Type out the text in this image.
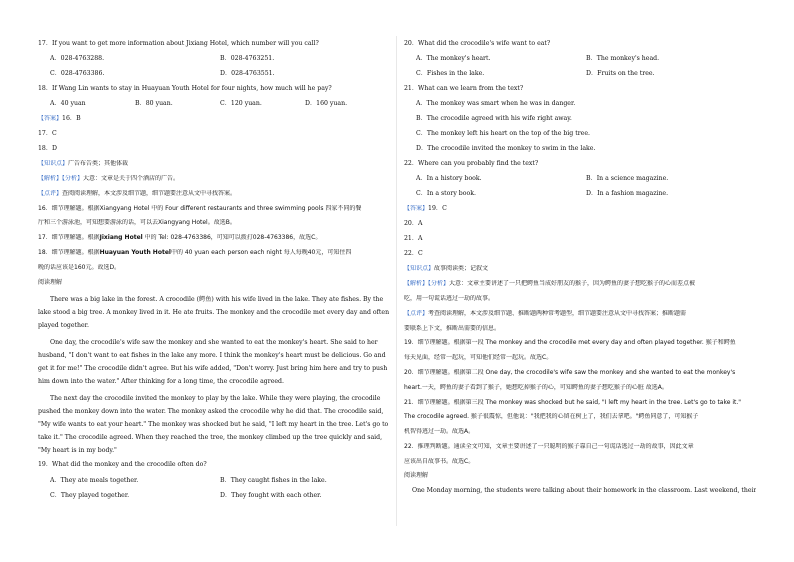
17．If you want to get more information about Jixiang Hotel, which number will you call?
A．028-4763288.	B．028-4763251.
C．028-4763386.	D．028-4763551.
18．If Wang Lin wants to stay in Huayuan Youth Hotel for four nights, how much will he pay?
A．40 yuan	B．80 yuan.	C．120 yuan.	D．160 yuan.
【答案】16．B
17．C
18．D
【知识点】广告布告类；其他体裁
【解析】【分析】大意：文章是关于四个酒店的广告。
【点评】查阅阅读理解，本文涉及细节题，细节题要注意从文中寻找答案。
16．细节理解题。根据Xiangyang Hotel 中的 Four different restaurants and three swimming pools 四家不同的餐
厅和三个游泳池，可知想要游泳的话，可以去Xiangyang Hotel。故选B。
17．细节理解题。根据Jixiang Hotel 中的 Tel: 028-4763386，可知可以拨打028-4763386，故选C。
18．细节理解题。根据Huayuan Youth Hotel中的 40 yuan each person each night 每人每晚40元，可知住四
晚的话应该是160元。故选D。
阅读理解
There was a big lake in the forest. A crocodile (鳄鱼) with his wife lived in the lake. They ate fishes. By the lake stood a big tree. A monkey lived in it. He ate fruits. The monkey and the crocodile met every day and often played together.
One day, the crocodile's wife saw the monkey and she wanted to eat the monkey's heart. She said to her husband, "I don't want to eat fishes in the lake any more. I think the monkey's heart must be delicious. Go and get it for me!" The crocodile didn't agree. But his wife added, "Don't worry. Just bring him here and try to push him down into the water." After thinking for a long time, the crocodile agreed.
The next day the crocodile invited the monkey to play by the lake. While they were playing, the crocodile pushed the monkey down into the water. The monkey asked the crocodile why he did that. The crocodile said, "My wife wants to eat your heart." The monkey was shocked but he said, "I left my heart in the tree. Let's go to take it." The crocodile agreed. When they reached the tree, the monkey climbed up the tree quickly and said, "My heart is in my body."
19．What did the monkey and the crocodile often do?
A．They ate meals together.	B．They caught fishes in the lake.
C．They played together.	D．They fought with each other.
20．What did the crocodile's wife want to eat?
A．The monkey's heart.	B．The monkey's head.
C．Fishes in the lake.	D．Fruits on the tree.
21．What can we learn from the text?
A．The monkey was smart when he was in danger.
B．The crocodile agreed with his wife right away.
C．The monkey left his heart on the top of the big tree.
D．The crocodile invited the monkey to swim in the lake.
22．Where can you probably find the text?
A．In a history book.	B．In a science magazine.
C．In a story book.	D．In a fashion magazine.
【答案】19．C
20．A
21．A
22．C
【知识点】故事阅读类；记叙文
【解析】【分析】大意：文章主要讲述了一只把鳄鱼当成好朋友的猴子，因为鳄鱼的妻子想吃猴子的心而差点被
吃，用一句谎话逃过一劫的故事。
【点评】考查阅读理解，本文涉及细节题、推断题两种常考题型，细节题要注意从文中寻找答案；推断题需
要联系上下文，推断出需要的信息。
19．细节理解题。根据第一段 The monkey and the crocodile met every day and often played together. 猴子和鳄鱼
每天见面，经常一起玩，可知他们经常一起玩。故选C。
20．细节理解题。根据第二段 One day, the crocodile's wife saw the monkey and she wanted to eat the monkey's
heart.一天，鳄鱼的妻子看到了猴子，她想吃掉猴子的心，可知鳄鱼的妻子想吃猴子的心脏 故选A。
21．细节理解题。根据第三段 The monkey was shocked but he said, "I left my heart in the tree. Let's go to take it."
The crocodile agreed. 猴子很震惊，但他说："我把我的心留在树上了，我们去拿吧。"鳄鱼同意了，可知猴子
机智得逃过一劫。故选A。
22．推理判断题。通读全文可知，文章主要讲述了一只聪明的猴子靠自己一句谎话逃过一劫的故事，因此文章
应该出自故事书。故选C。
阅读理解
One Monday morning, the students were talking about their homework in the classroom. Last weekend, their
